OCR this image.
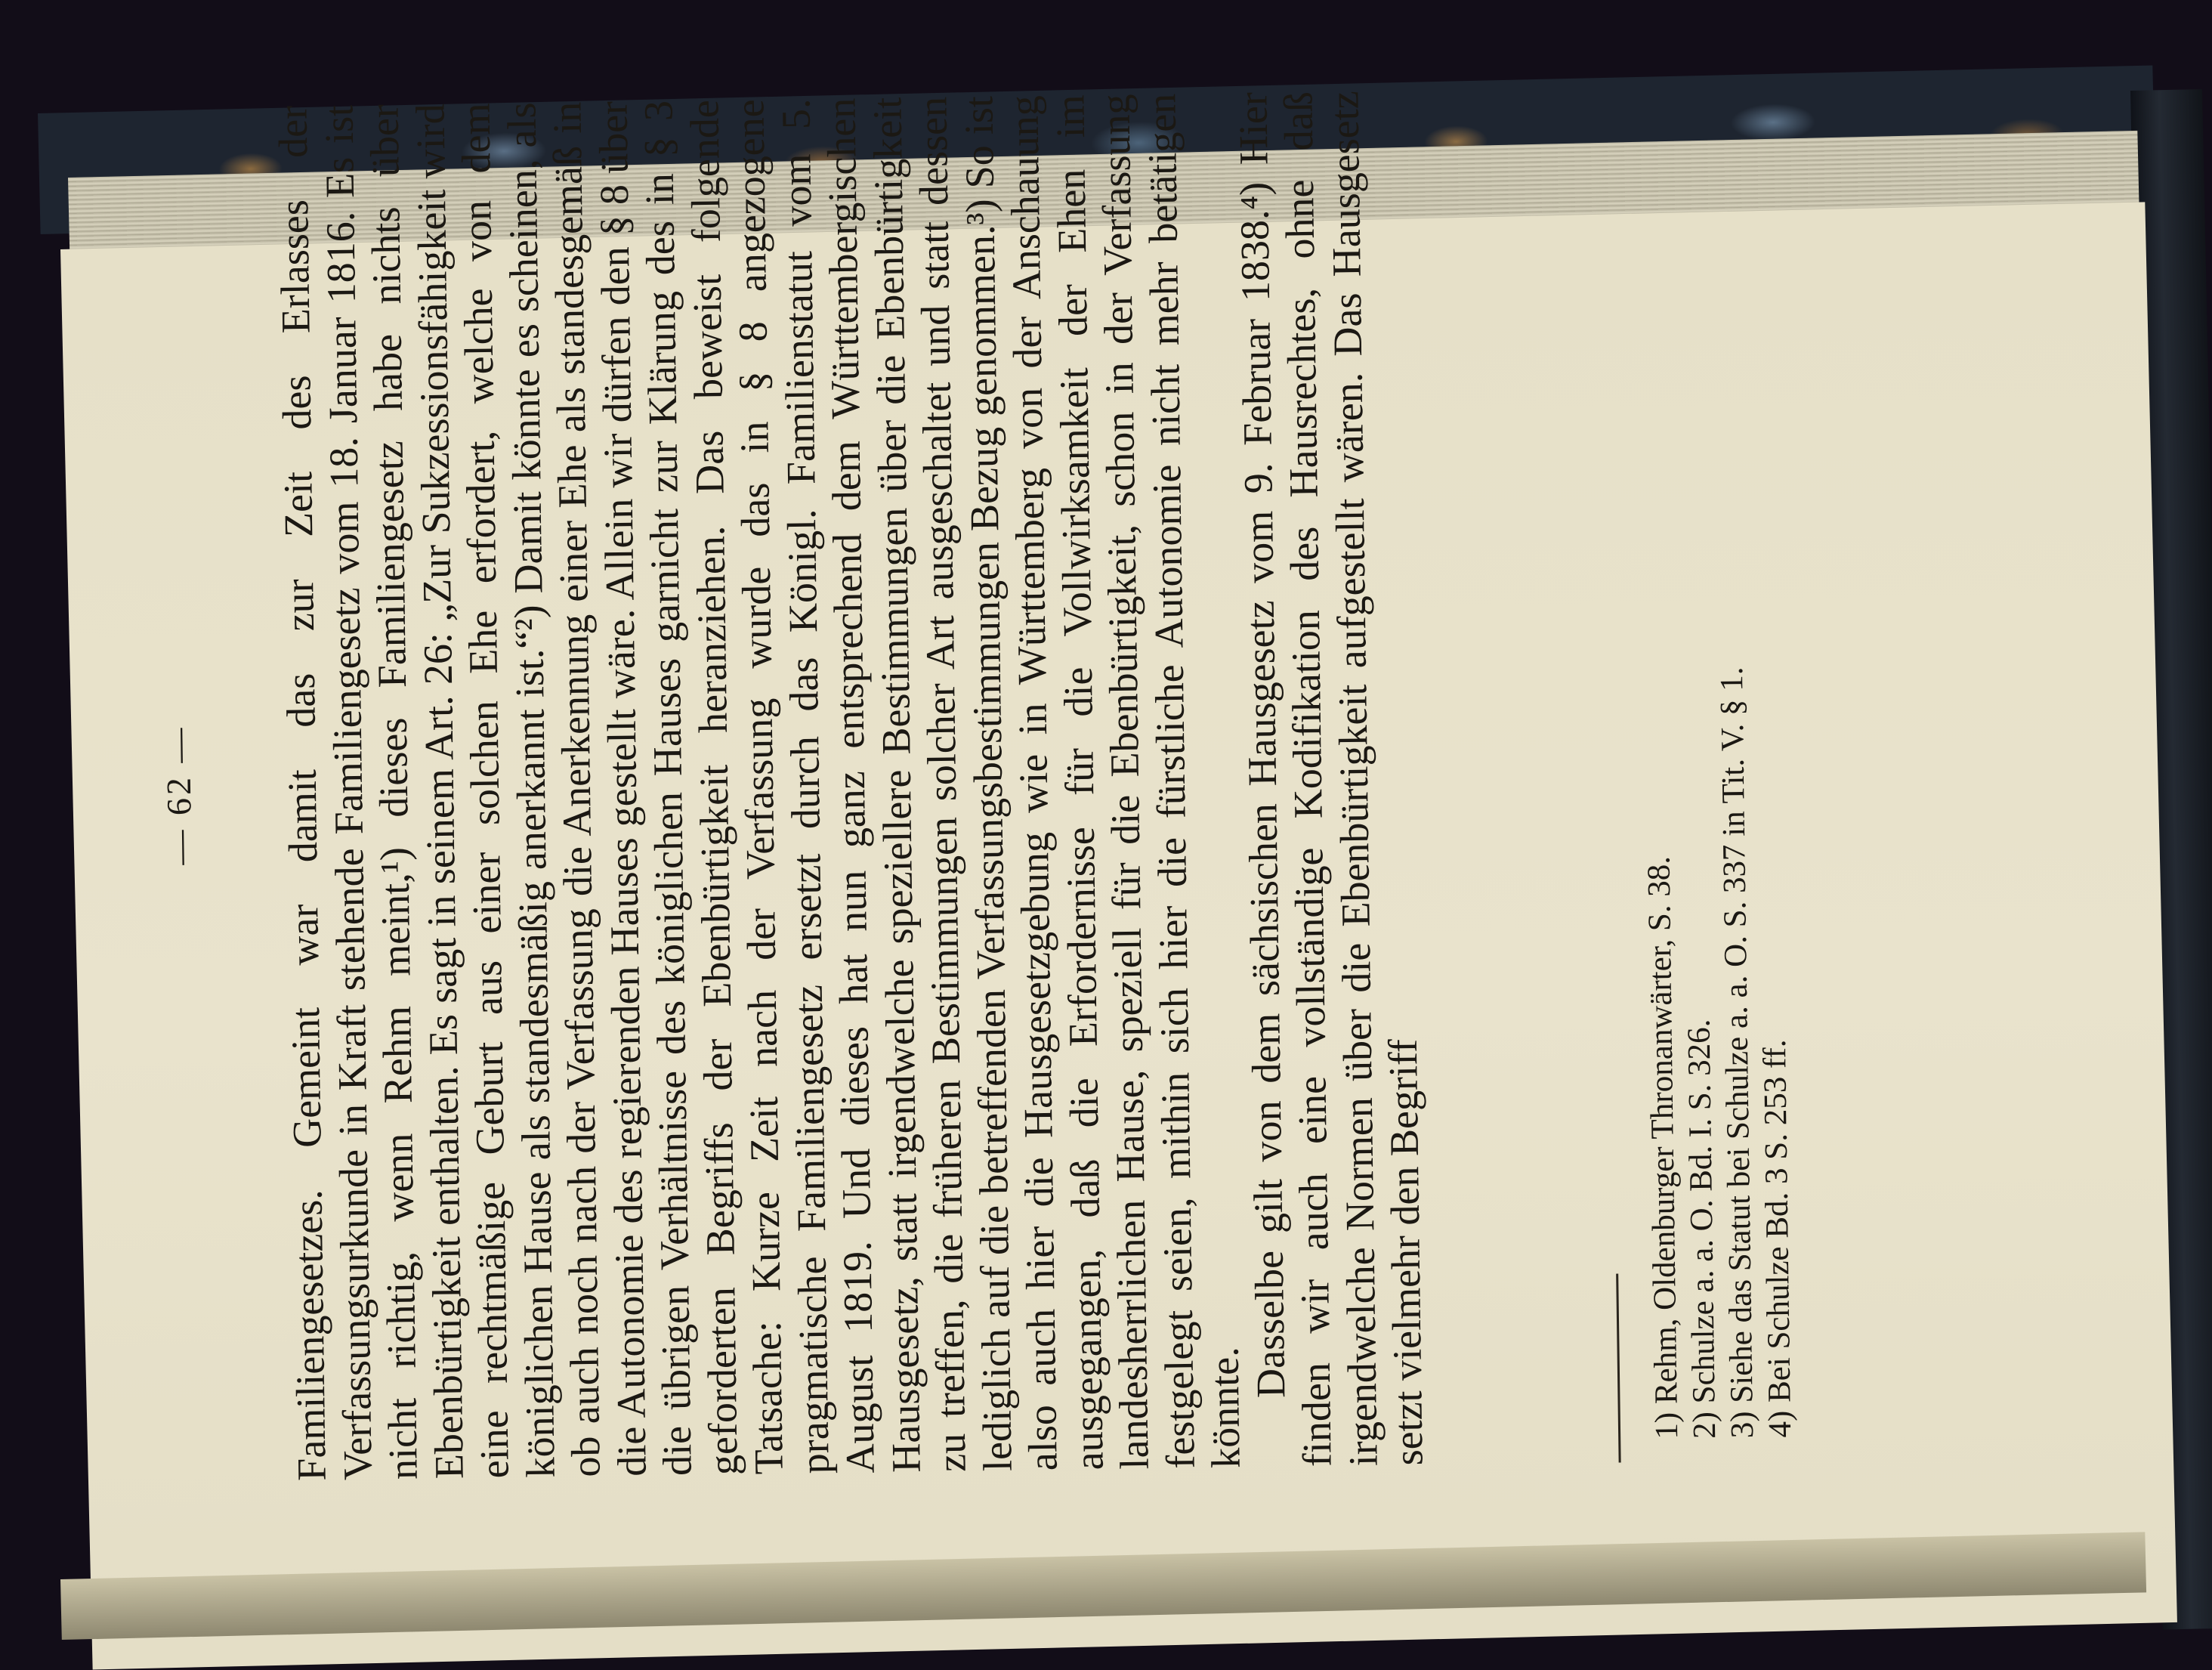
— 62 — Familiengesetzes. Gemeint war damit das zur Zeit des Erlasses der Verfassungsurkunde in Kraft stehende Familiengesetz vom 18. Januar 1816. Es ist nicht richtig, wenn Rehm meint,¹) dieses Familiengesetz habe nichts über Ebenbürtigkeit enthalten. Es sagt in seinem Art. 26: „Zur Sukzessionsfähigkeit wird eine rechtmäßige Geburt aus einer solchen Ehe erfordert, welche von dem königlichen Hause als standesmäßig anerkannt ist.“²) Damit könnte es scheinen, als ob auch noch nach der Verfassung die Anerkennung einer Ehe als standesgemäß in die Autonomie des regierenden Hauses gestellt wäre. Allein wir dürfen den § 8 über die übrigen Verhältnisse des königlichen Hauses garnicht zur Klärung des in § 3 geforderten Begriffs der Ebenbürtigkeit heranziehen. Das beweist folgende Tatsache: Kurze Zeit nach der Verfassung wurde das in § 8 angezogene pragmatische Familiengesetz ersetzt durch das Königl. Familienstatut vom 5. August 1819. Und dieses hat nun ganz entsprechend dem Württembergischen Hausgesetz, statt irgendwelche speziellere Bestimmungen über die Ebenbürtigkeit zu treffen, die früheren Bestimmungen solcher Art ausgeschaltet und statt dessen lediglich auf die betreffenden Verfassungsbestimmungen Bezug genommen.³) So ist also auch hier die Hausgesetzgebung wie in Württemberg von der Anschauung ausgegangen, daß die Erfordernisse für die Vollwirksamkeit der Ehen im landesherrlichen Hause, speziell für die Ebenbürtigkeit, schon in der Verfassung festgelegt seien, mithin sich hier die fürstliche Autonomie nicht mehr betätigen könnte.

Dasselbe gilt von dem sächsischen Hausgesetz vom 9. Februar 1838.⁴) Hier finden wir auch eine vollständige Kodifikation des Hausrechtes, ohne daß irgendwelche Normen über die Ebenbürtigkeit aufgestellt wären. Das Hausgesetz setzt vielmehr den Begriff	1) Rehm, Oldenburger Thronanwärter, S. 38.
2) Schulze a. a. O. Bd. I. S. 326.
3) Siehe das Statut bei Schulze a. a. O. S. 337 in Tit. V. § 1.
4) Bei Schulze Bd. 3 S. 253 ff.
